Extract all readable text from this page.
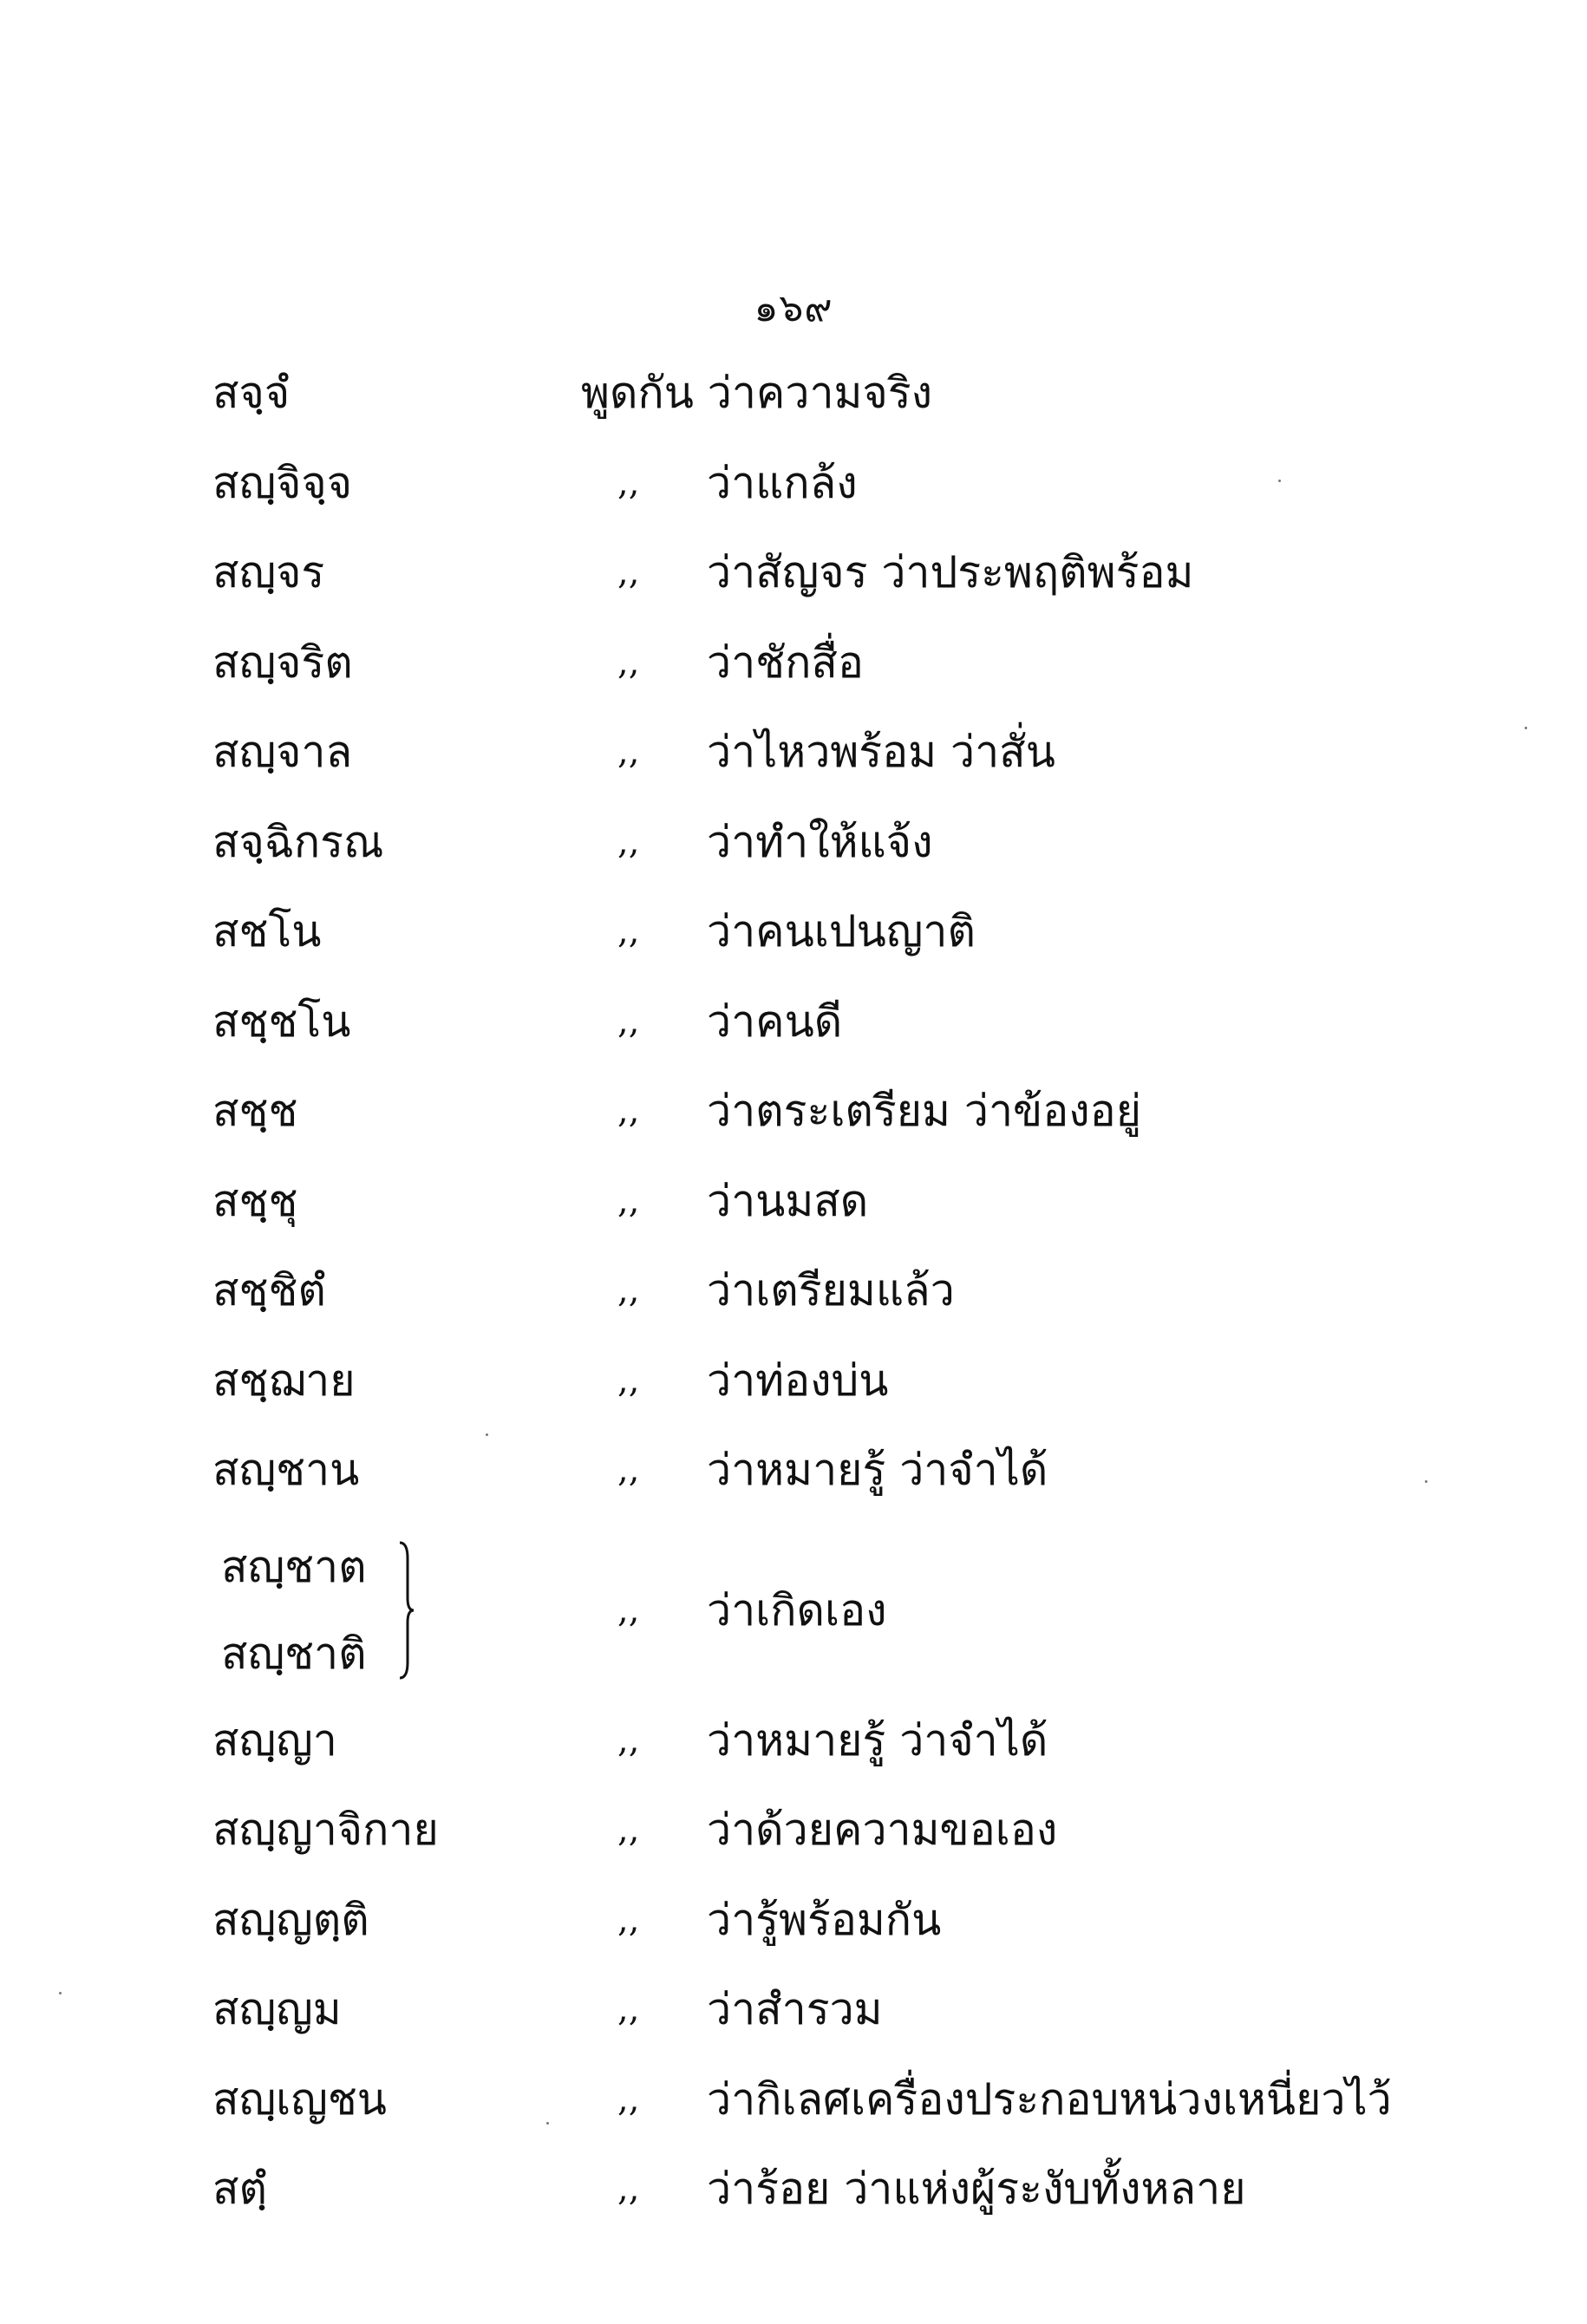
๑๖๙
สจฺจํ	พูดกัน ว่าความจริง
สญฺจิจฺจ	,, ว่าแกล้ง
สญฺจร	,, ว่าสัญจร ว่าประพฤติพร้อม
สญฺจริต	,, ว่าชักสื่อ
สญฺจาล	,, ว่าไหวพร้อม ว่าสั่น
สจฺฉิกรณ	,, ว่าทำให้แจ้ง
สชโน	,, ว่าคนเปนญาติ
สชฺชโน	,, ว่าคนดี
สชฺช	,, ว่าตระเตรียม ว่าข้องอยู่
สชฺชุ	,, ว่านมสด
สชฺชิตํ	,, ว่าเตรียมแล้ว
สชฺฌาย	,, ว่าท่องบ่น
สญฺชาน	,, ว่าหมายรู้ ว่าจำได้
สญฺชาต
สญฺชาติ
,, ว่าเกิดเอง
สญฺญา	,, ว่าหมายรู้ ว่าจำได้
สญฺญาจิกาย	,, ว่าด้วยความขอเอง
สญฺญตฺติ	,, ว่ารู้พร้อมกัน
สญฺญม	,, ว่าสำรวม
สญฺเญชน	,, ว่ากิเลศเครื่องประกอบหน่วงเหนี่ยวไว้
สตฺํ	,, ว่าร้อย ว่าแห่งผู้ระงับทั้งหลาย
